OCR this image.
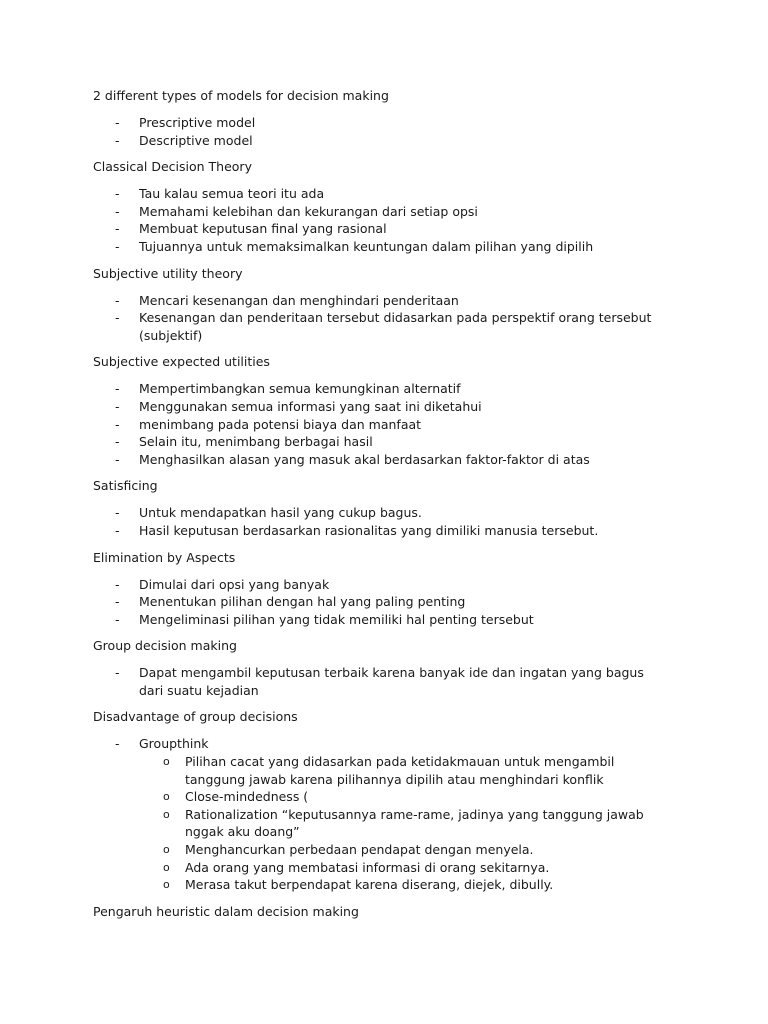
2 different types of models for decision making

- Prescriptive model
- Descriptive model

Classical Decision Theory

- Tau kalau semua teori itu ada
- Memahami kelebihan dan kekurangan dari setiap opsi
- Membuat keputusan final yang rasional
- Tujuannya untuk memaksimalkan keuntungan dalam pilihan yang dipilih

Subjective utility theory

- Mencari kesenangan dan menghindari penderitaan
- Kesenangan dan penderitaan tersebut didasarkan pada perspektif orang tersebut (subjektif)

Subjective expected utilities

- Mempertimbangkan semua kemungkinan alternatif
- Menggunakan semua informasi yang saat ini diketahui
- menimbang pada potensi biaya dan manfaat
- Selain itu, menimbang berbagai hasil
- Menghasilkan alasan yang masuk akal berdasarkan faktor-faktor di atas

Satisficing

- Untuk mendapatkan hasil yang cukup bagus.
- Hasil keputusan berdasarkan rasionalitas yang dimiliki manusia tersebut.

Elimination by Aspects

- Dimulai dari opsi yang banyak
- Menentukan pilihan dengan hal yang paling penting
- Mengeliminasi pilihan yang tidak memiliki hal penting tersebut

Group decision making

- Dapat mengambil keputusan terbaik karena banyak ide dan ingatan yang bagus dari suatu kejadian

Disadvantage of group decisions

- Groupthink
o Pilihan cacat yang didasarkan pada ketidakmauan untuk mengambil tanggung jawab karena pilihannya dipilih atau menghindari konflik
o Close-mindedness (
o Rationalization “keputusannya rame-rame, jadinya yang tanggung jawab nggak aku doang”
o Menghancurkan perbedaan pendapat dengan menyela.
o Ada orang yang membatasi informasi di orang sekitarnya.
o Merasa takut berpendapat karena diserang, diejek, dibully.

Pengaruh heuristic dalam decision making
